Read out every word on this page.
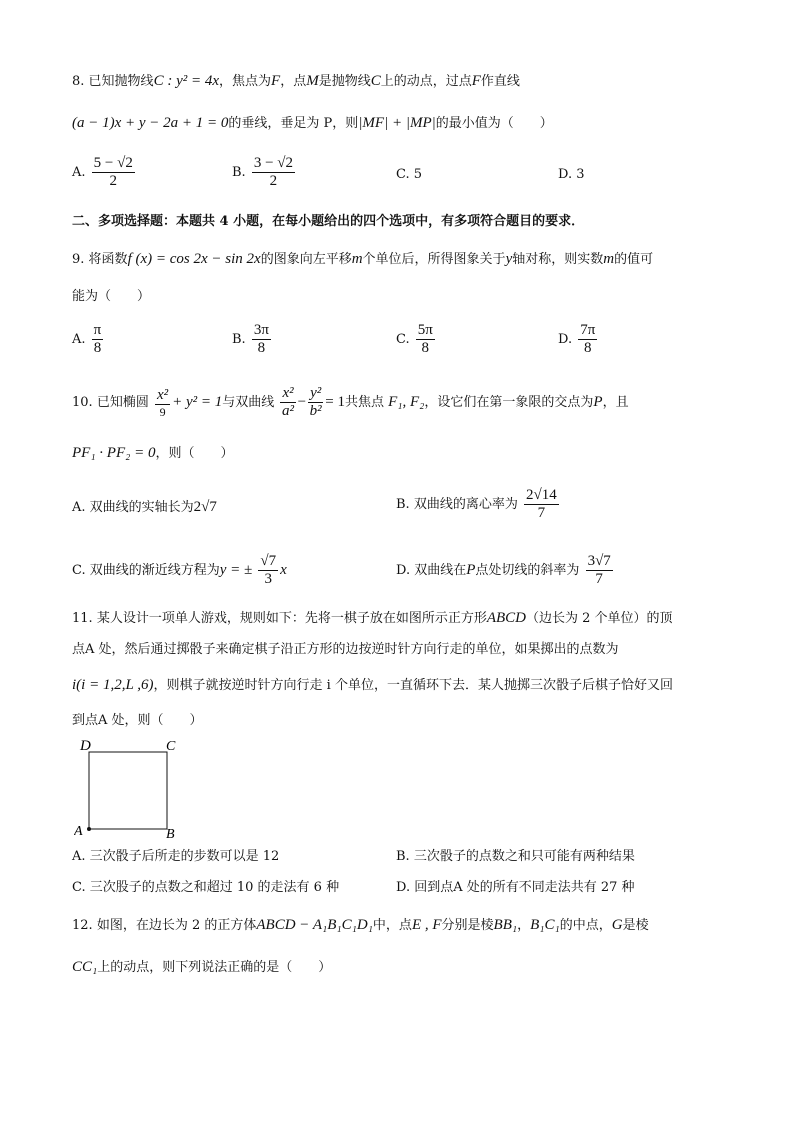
8. 已知抛物线C : y² = 4x，焦点为F，点M是抛物线C上的动点，过点F作直线
(a − 1)x + y − 2a + 1 = 0的垂线，垂足为 P，则|MF| + |MP|的最小值为（　　）
A. $\frac{5 - √2}{2}$	B. $\frac{3 - √2}{2}$	C. 5	D. 3
二、多项选择题：本题共 4 小题，在每小题给出的四个选项中，有多项符合题目的要求．
9. 将函数f (x) = cos 2x − sin 2x的图象向左平移m个单位后，所得图象关于y轴对称，则实数m的值可
能为（　　）
A. $\frac{\pi}{8}$	B. $\frac{3\pi}{8}$	C. $\frac{5\pi}{8}$	D. $\frac{7\pi}{8}$
10. 已知椭圆 $\frac{\text{x²}}{9} + y^2 = 1$与双曲线 $\frac{\text{x²}}{\text{a²}} - \frac{\text{y²}}{\text{b²}} = 1$共焦点 F₁, F₂，设它们在第一象限的交点为P，且
PF₁ · PF₂ = 0，则（　　）
A. 双曲线的实轴长为2√7	B. 双曲线的离心率为 $\frac{2√14}{7}$
C. 双曲线的渐近线方程为y = ± $\frac{√7}{3}$ x	D. 双曲线在P点处切线的斜率为 $\frac{3√7}{7}$
11. 某人设计一项单人游戏，规则如下：先将一棋子放在如图所示正方形ABCD（边长为 2 个单位）的顶
点A 处，然后通过掷骰子来确定棋子沿正方形的边按逆时针方向行走的单位，如果掷出的点数为
i(i = 1,2,L ,6)，则棋子就按逆时针方向行走 i 个单位，一直循环下去．某人抛掷三次骰子后棋子恰好又回
到点A 处，则（　　）
D	C
A	B
A. 三次骰子后所走的步数可以是 12	B. 三次骰子的点数之和只可能有两种结果
C. 三次股子的点数之和超过 10 的走法有 6 种	D. 回到点A 处的所有不同走法共有 27 种
12. 如图，在边长为 2 的正方体ABCD − A₁B₁C₁D₁中，点E , F分别是棱BB₁，B₁C₁的中点，G是棱
CC₁上的动点，则下列说法正确的是（　　）
